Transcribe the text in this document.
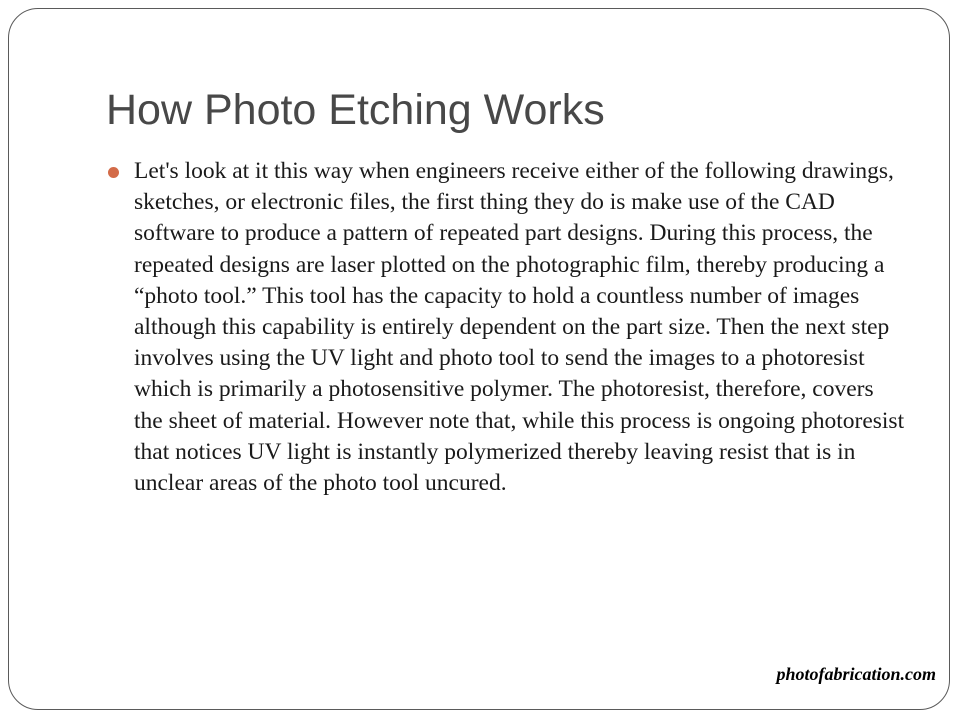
How Photo Etching Works
Let's look at it this way when engineers receive either of the following drawings, sketches, or electronic files, the first thing they do is make use of the CAD software to produce a pattern of repeated part designs. During this process, the repeated designs are laser plotted on the photographic film, thereby producing a “photo tool.” This tool has the capacity to hold a countless number of images although this capability is entirely dependent on the part size. Then the next step involves using the UV light and photo tool to send the images to a photoresist which is primarily a photosensitive polymer. The photoresist, therefore, covers the sheet of material. However note that, while this process is ongoing photoresist that notices UV light is instantly polymerized thereby leaving resist that is in unclear areas of the photo tool uncured.
photofabrication.com
